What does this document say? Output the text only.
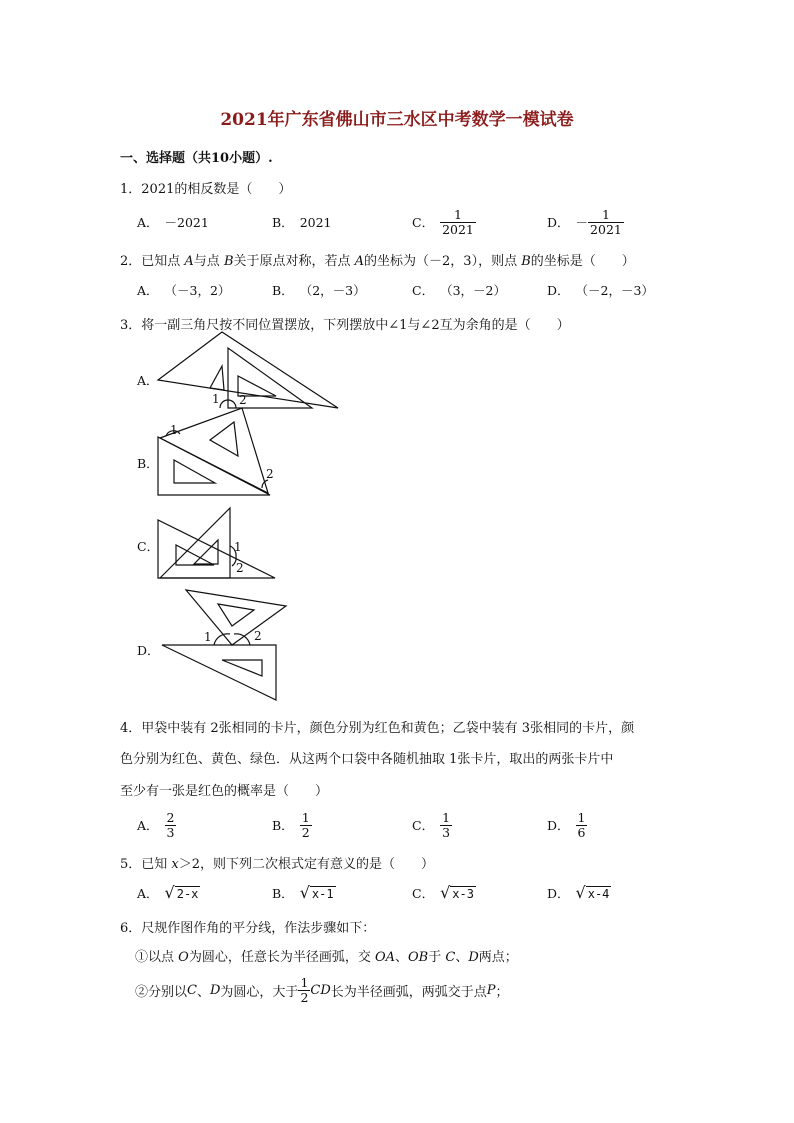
2021年广东省佛山市三水区中考数学一模试卷
一、选择题（共10小题）.
1．2021的相反数是（　　）
A． －2021	B． 2021	C． $\frac{1}{2021}$	D． － $\frac{1}{2021}$
2．已知点 A与点 B关于原点对称，若点 A的坐标为（－2，3），则点 B的坐标是（　　）
A． （－3，2）	B． （2，－3）	C． （3，－2）	D． （－2，－3）
3．将一副三角尺按不同位置摆放，下列摆放中∠1与∠2互为余角的是（　　）
A．
B．
C．
D．
1 2
1
2
1
2
1	2
4．甲袋中装有 2张相同的卡片，颜色分别为红色和黄色；乙袋中装有 3张相同的卡片，颜
色分别为红色、黄色、绿色．从这两个口袋中各随机抽取 1张卡片，取出的两张卡片中
至少有一张是红色的概率是（　　）
A． $\frac{2}{3}$	B． $\frac{1}{2}$	C． $\frac{1}{3}$	D． $\frac{1}{6}$
5．已知 x＞2，则下列二次根式定有意义的是（　　）
A． √ 2-x	B． √ x-1	C． √ x-3	D． √ x-4
6．尺规作图作角的平分线，作法步骤如下：
①以点 O为圆心，任意长为半径画弧，交 OA、OB于 C、D两点；
②分别以 C 、 D 为圆心，大于 $\frac{1}{2}$ CD 长为半径画弧，两弧交于点 P ；
